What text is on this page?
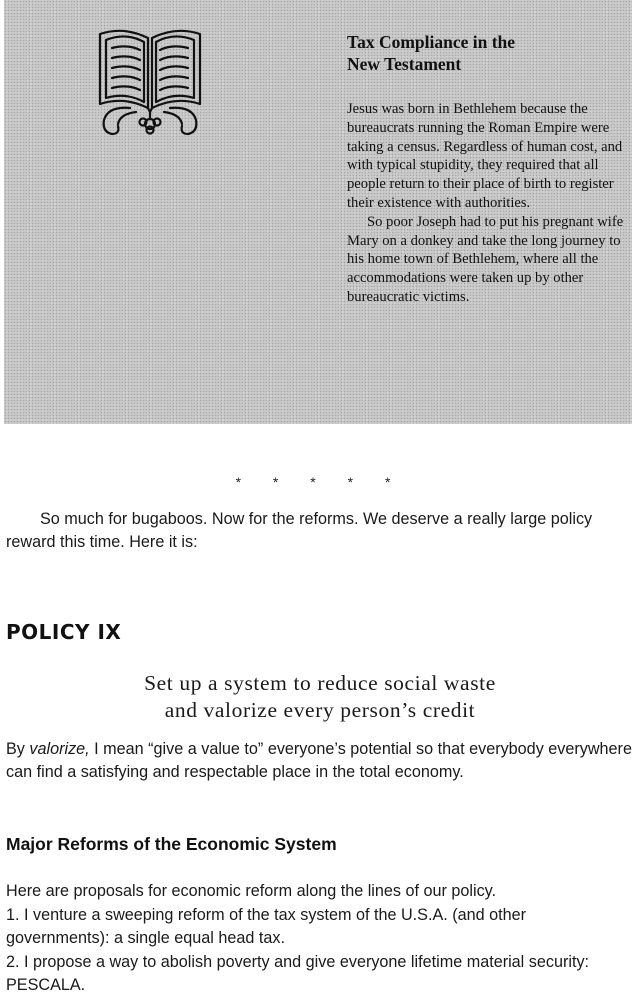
Tax Compliance in the
New Testament

Jesus was born in Bethlehem because the bureaucrats running the Roman Empire were taking a census. Regardless of human cost, and with typical stupidity, they required that all people return to their place of birth to register their existence with authorities.

So poor Joseph had to put his pregnant wife Mary on a donkey and take the long journey to his home town of Bethlehem, where all the accommodations were taken up by other bureaucratic victims.

* * * * *

So much for bugaboos. Now for the reforms. We deserve a really large policy reward this time. Here it is:

POLICY IX

Set up a system to reduce social waste
and valorize every person’s credit

By valorize, I mean “give a value to” everyone’s potential so that everybody everywhere can find a satisfying and respectable place in the total economy.

Major Reforms of the Economic System

Here are proposals for economic reform along the lines of our policy.

1. I venture a sweeping reform of the tax system of the U.S.A. (and other governments): a single equal head tax.

2. I propose a way to abolish poverty and give everyone lifetime material security: PESCALA.
